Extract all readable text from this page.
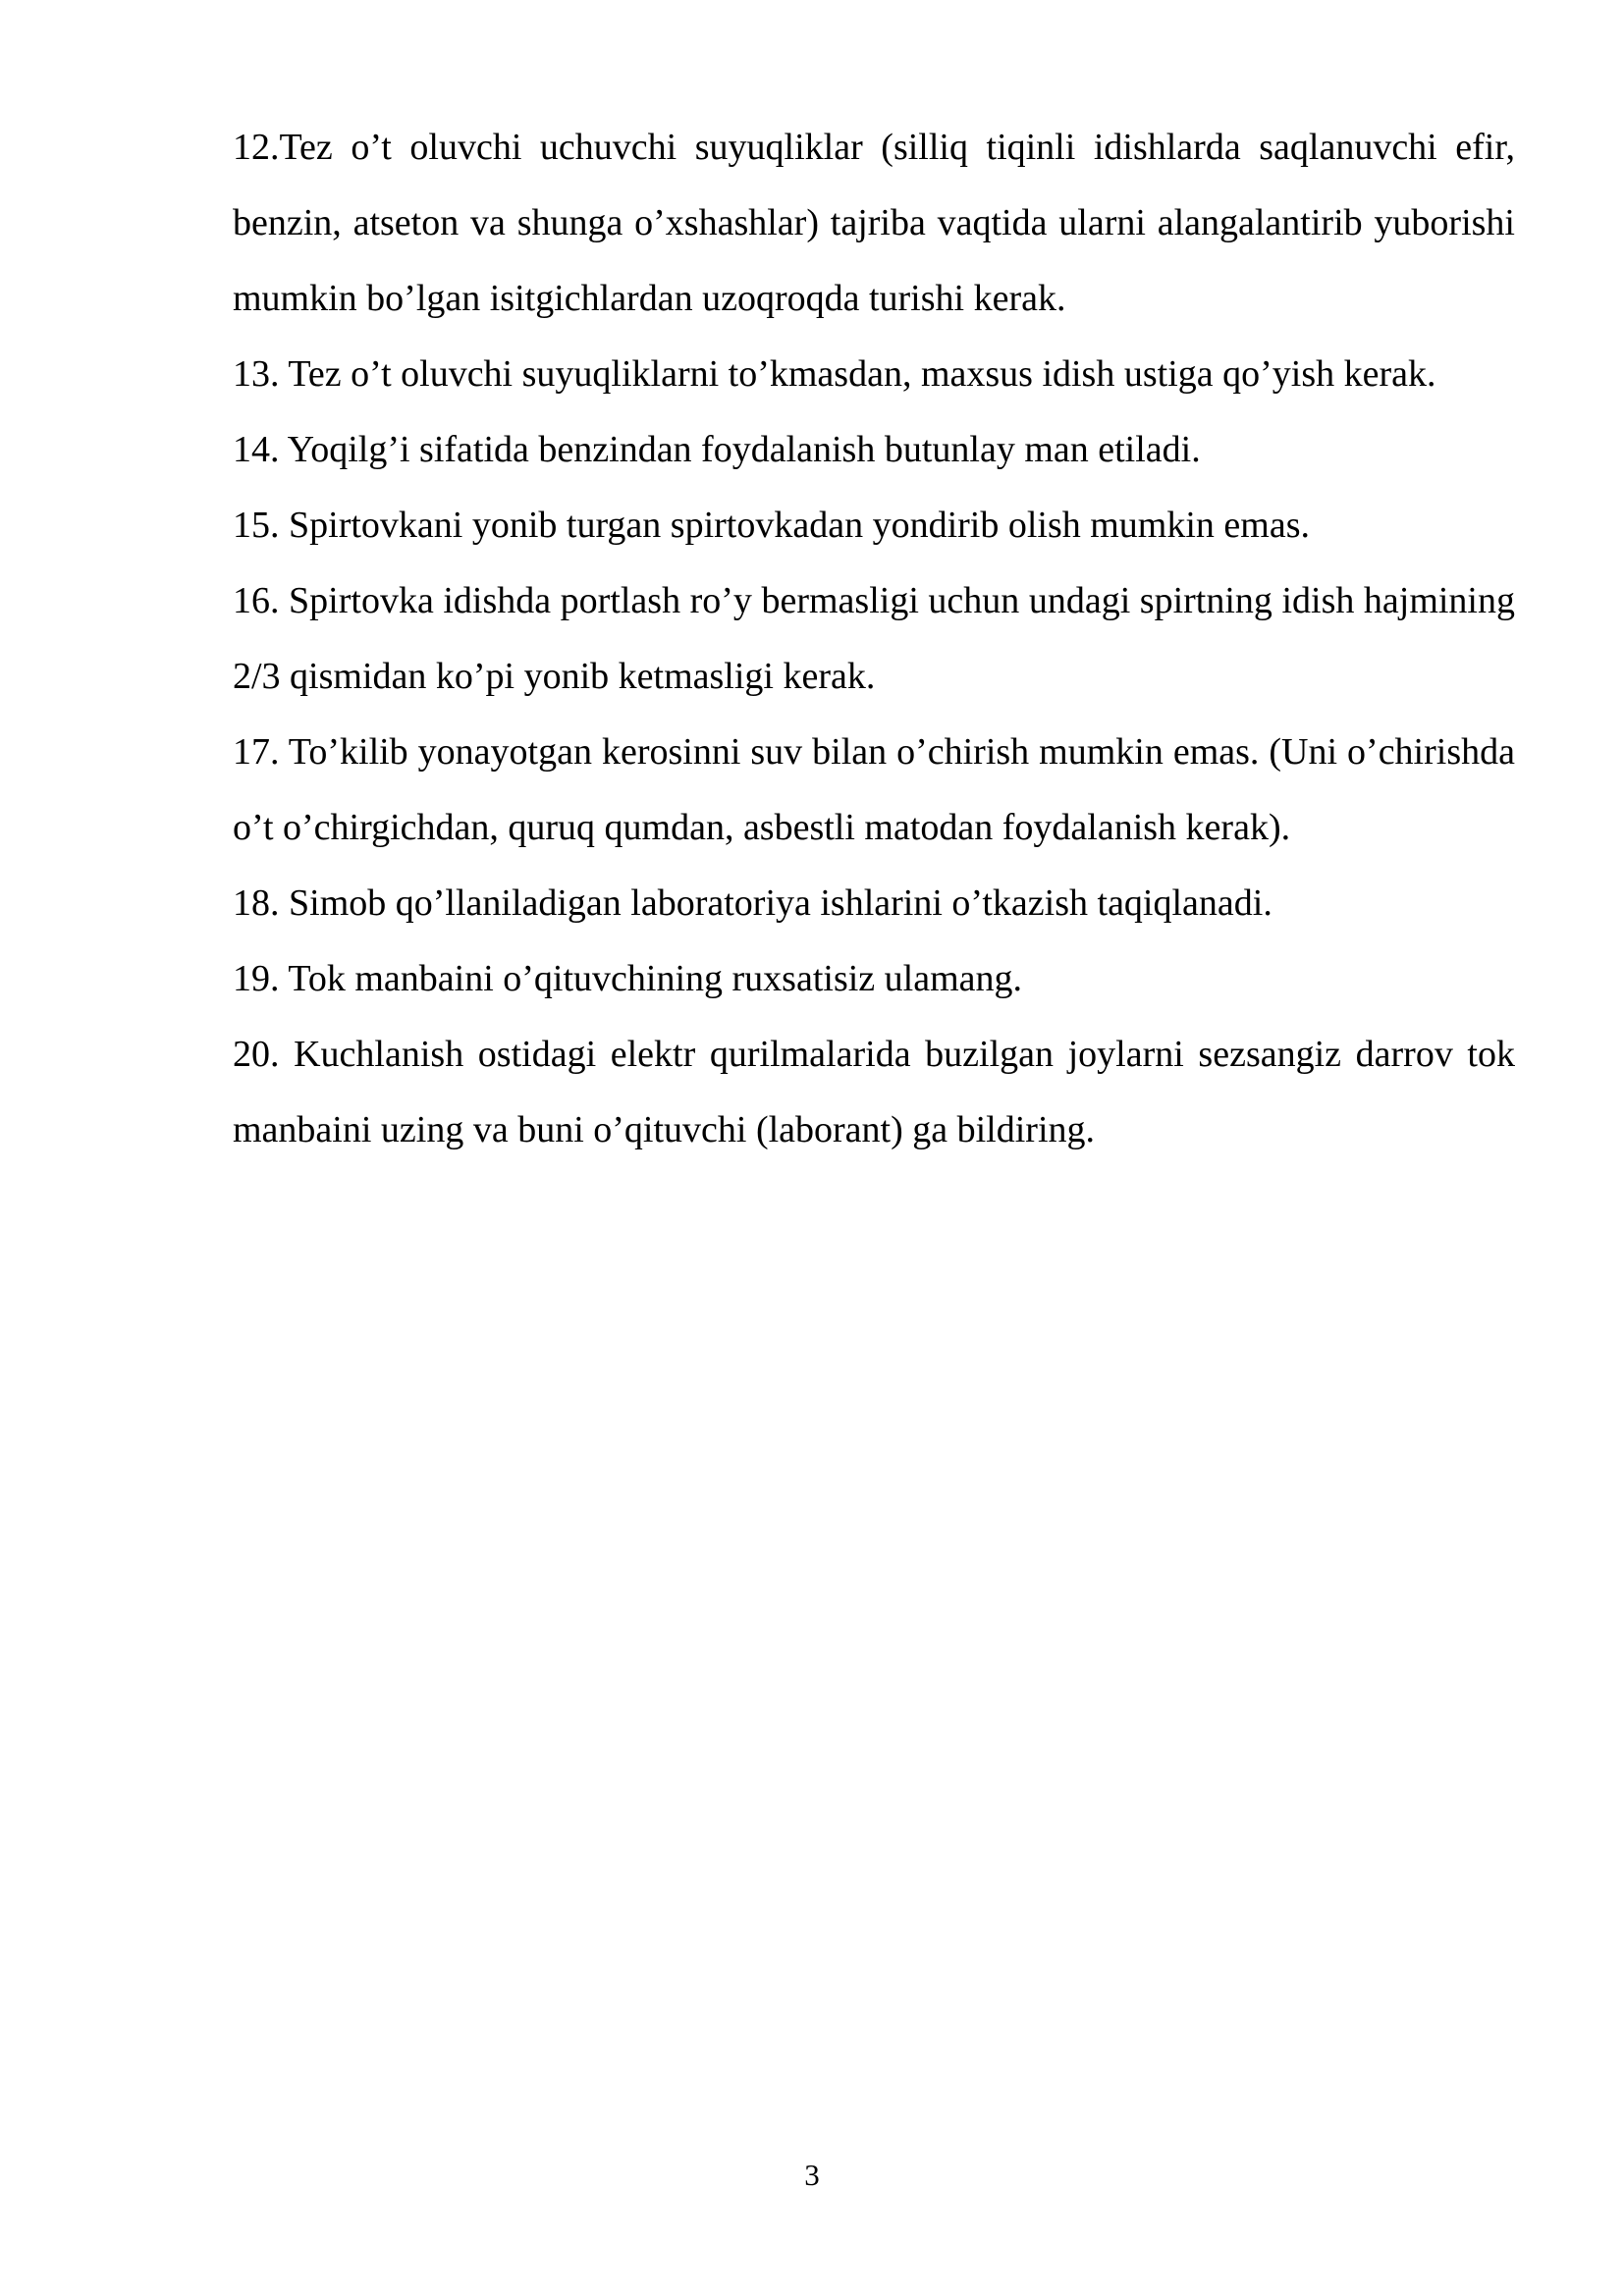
12.Tez o’t oluvchi uchuvchi suyuqliklar (silliq tiqinli idishlarda saqlanuvchi efir, benzin, atseton va shunga o’xshashlar) tajriba vaqtida ularni alangalantirib yuborishi mumkin bo’lgan isitgichlardan uzoqroqda turishi kerak.

13. Tez o’t oluvchi suyuqliklarni to’kmasdan, maxsus idish ustiga qo’yish kerak.

14. Yoqilg’i sifatida benzindan foydalanish butunlay man etiladi.

15. Spirtovkani yonib turgan spirtovkadan yondirib olish mumkin emas.

16. Spirtovka idishda portlash ro’y bermasligi uchun undagi spirtning idish hajmining 2/3 qismidan ko’pi yonib ketmasligi kerak.

17. To’kilib yonayotgan kerosinni suv bilan o’chirish mumkin emas. (Uni o’chirishda o’t o’chirgichdan, quruq qumdan, asbestli matodan foydalanish kerak).

18. Simob qo’llaniladigan laboratoriya ishlarini o’tkazish taqiqlanadi.

19. Tok manbaini o’qituvchining ruxsatisiz ulamang.

20. Kuchlanish ostidagi elektr qurilmalarida buzilgan joylarni sezsangiz darrov tok manbaini uzing va buni o’qituvchi (laborant) ga bildiring.

3
